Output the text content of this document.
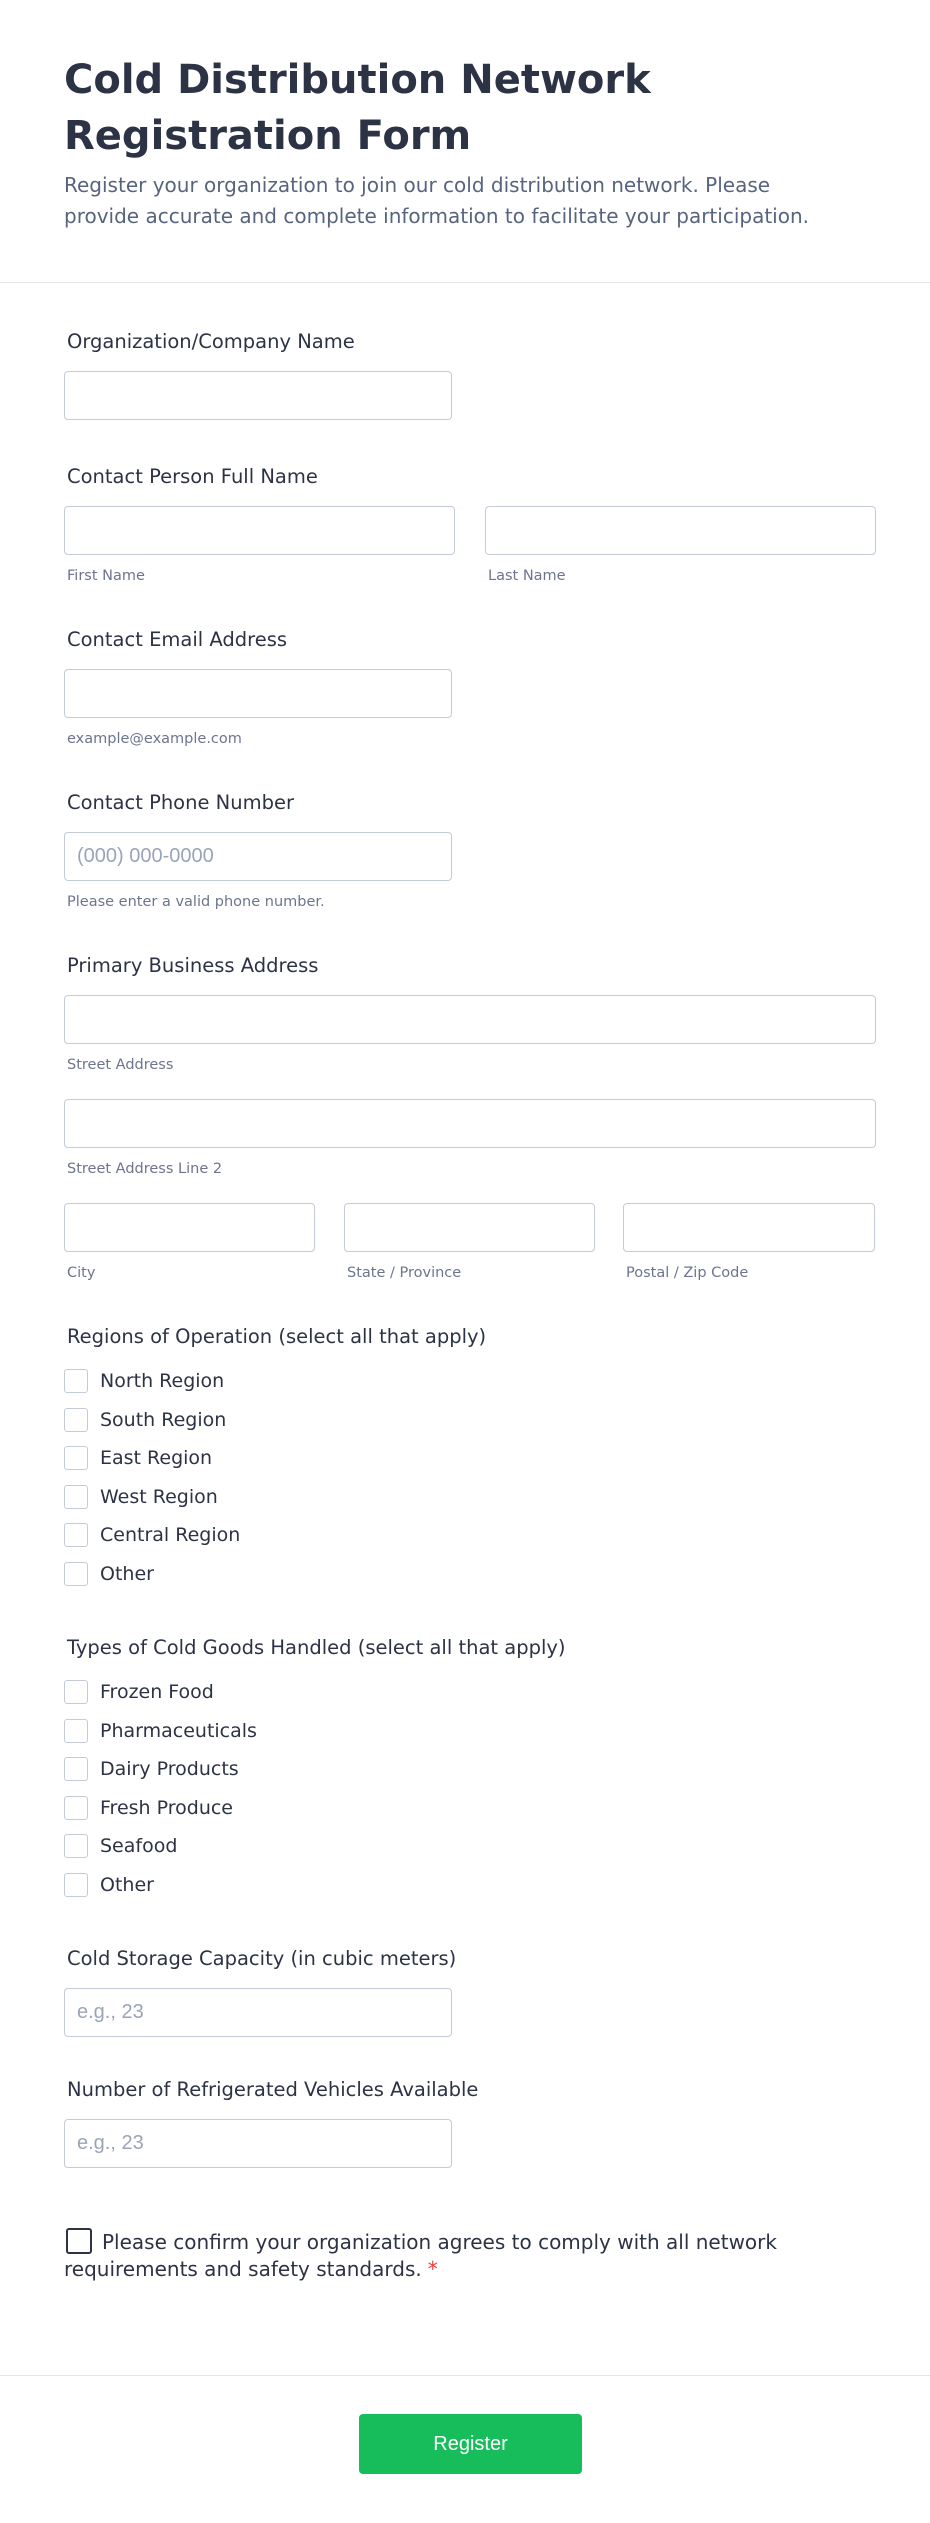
Cold Distribution Network Registration Form

Register your organization to join our cold distribution network. Please provide accurate and complete information to facilitate your participation.

Organization/Company Name
Contact Person Full Name
First Name	Last Name
Contact Email Address
example@example.com
Contact Phone Number
(000) 000-0000
Please enter a valid phone number.
Primary Business Address
Street Address
Street Address Line 2
City	State / Province	Postal / Zip Code
Regions of Operation (select all that apply)
North Region
South Region
East Region
West Region
Central Region
Other
Types of Cold Goods Handled (select all that apply)
Frozen Food
Pharmaceuticals
Dairy Products
Fresh Produce
Seafood
Other
Cold Storage Capacity (in cubic meters)
e.g., 23
Number of Refrigerated Vehicles Available
e.g., 23
Please confirm your organization agrees to comply with all network requirements and safety standards. *
Register
